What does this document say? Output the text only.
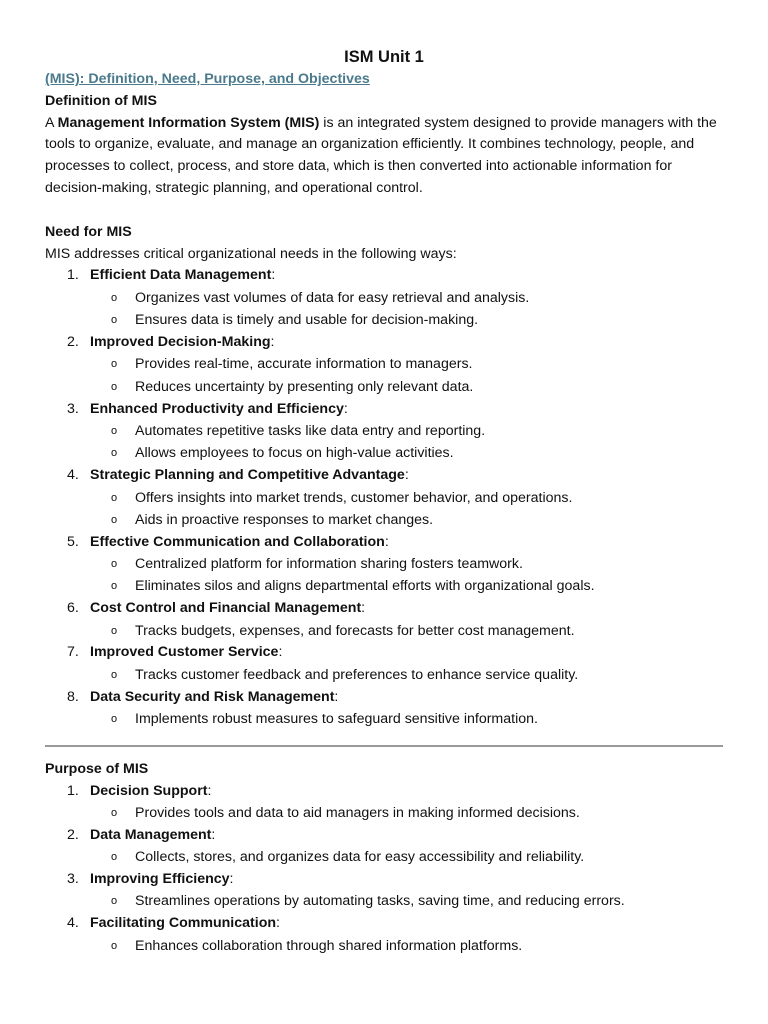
ISM Unit 1
(MIS): Definition, Need, Purpose, and Objectives
Definition of MIS

A Management Information System (MIS) is an integrated system designed to provide managers with the tools to organize, evaluate, and manage an organization efficiently. It combines technology, people, and processes to collect, process, and store data, which is then converted into actionable information for decision-making, strategic planning, and operational control.

Need for MIS

MIS addresses critical organizational needs in the following ways:

1. Efficient Data Management:
o Organizes vast volumes of data for easy retrieval and analysis.
o Ensures data is timely and usable for decision-making.
2. Improved Decision-Making:
o Provides real-time, accurate information to managers.
o Reduces uncertainty by presenting only relevant data.
3. Enhanced Productivity and Efficiency:
o Automates repetitive tasks like data entry and reporting.
o Allows employees to focus on high-value activities.
4. Strategic Planning and Competitive Advantage:
o Offers insights into market trends, customer behavior, and operations.
o Aids in proactive responses to market changes.
5. Effective Communication and Collaboration:
o Centralized platform for information sharing fosters teamwork.
o Eliminates silos and aligns departmental efforts with organizational goals.
6. Cost Control and Financial Management:
o Tracks budgets, expenses, and forecasts for better cost management.
7. Improved Customer Service:
o Tracks customer feedback and preferences to enhance service quality.
8. Data Security and Risk Management:
o Implements robust measures to safeguard sensitive information.
Purpose of MIS
1. Decision Support:
o Provides tools and data to aid managers in making informed decisions.
2. Data Management:
o Collects, stores, and organizes data for easy accessibility and reliability.
3. Improving Efficiency:
o Streamlines operations by automating tasks, saving time, and reducing errors.
4. Facilitating Communication:
o Enhances collaboration through shared information platforms.
